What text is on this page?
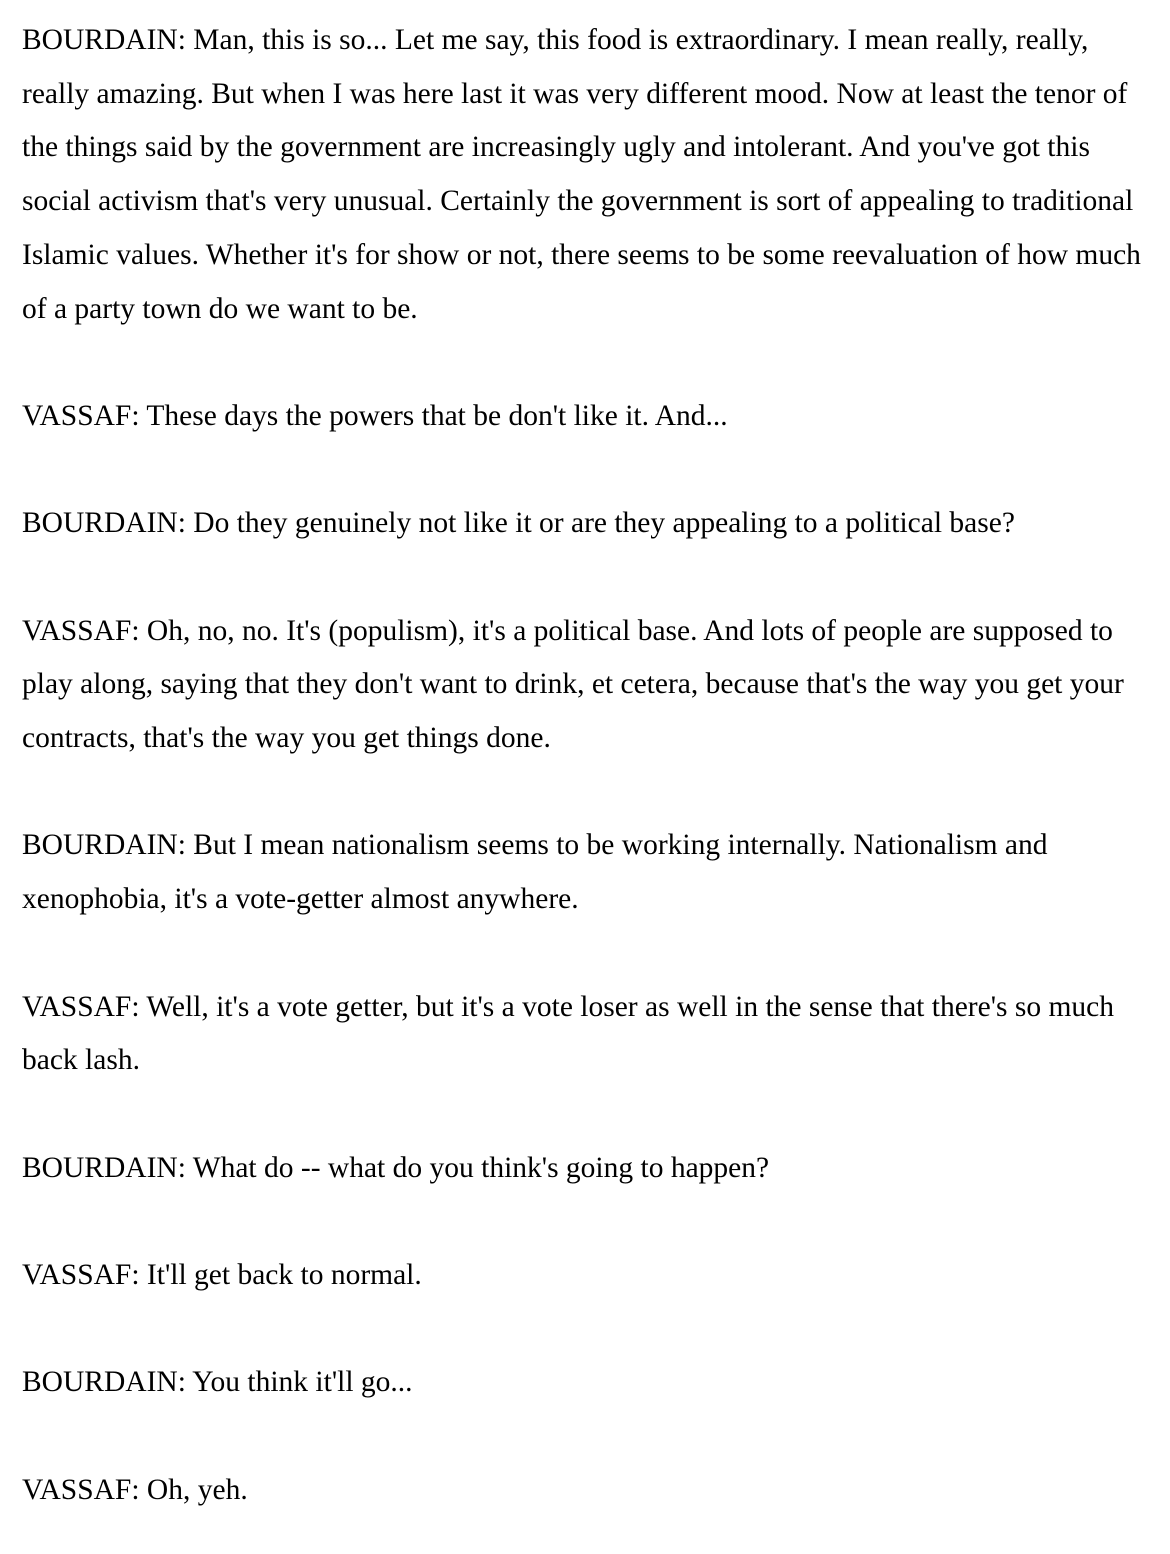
BOURDAIN: Man, this is so... Let me say, this food is extraordinary. I mean really, really, really amazing. But when I was here last it was very different mood. Now at least the tenor of the things said by the government are increasingly ugly and intolerant. And you've got this social activism that's very unusual. Certainly the government is sort of appealing to traditional Islamic values. Whether it's for show or not, there seems to be some reevaluation of how much of a party town do we want to be.

VASSAF: These days the powers that be don't like it. And...

BOURDAIN: Do they genuinely not like it or are they appealing to a political base?

VASSAF: Oh, no, no. It's (populism), it's a political base. And lots of people are supposed to play along, saying that they don't want to drink, et cetera, because that's the way you get your contracts, that's the way you get things done.

BOURDAIN: But I mean nationalism seems to be working internally. Nationalism and xenophobia, it's a vote-getter almost anywhere.

VASSAF: Well, it's a vote getter, but it's a vote loser as well in the sense that there's so much back lash.

BOURDAIN: What do -- what do you think's going to happen?

VASSAF: It'll get back to normal.

BOURDAIN: You think it'll go...

VASSAF: Oh, yeh.
